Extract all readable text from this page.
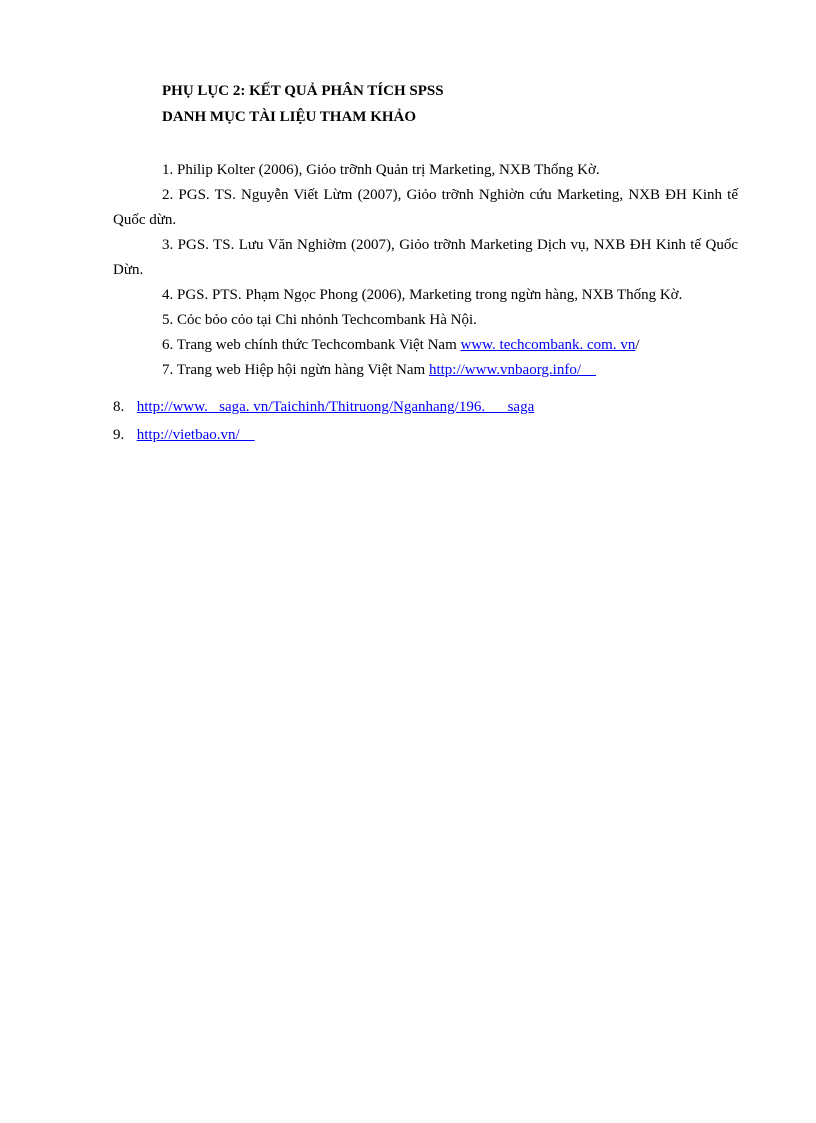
PHỤ LỤC 2: KẾT QUẢ PHÂN TÍCH SPSS
DANH MỤC TÀI LIỆU THAM KHẢO

1. Philip Kolter (2006), Giỏo trỡnh Quản trị Marketing, NXB Thống Kờ.

2. PGS. TS. Nguyễn Viết Lừm (2007), Giỏo trỡnh Nghiờn cứu Marketing, NXB ĐH Kinh tế Quốc dừn.

3. PGS. TS. Lưu Văn Nghiờm (2007), Giỏo trỡnh Marketing Dịch vụ, NXB ĐH Kinh tế Quốc Dừn.

4. PGS. PTS. Phạm Ngọc Phong (2006), Marketing trong ngừn hàng, NXB Thống Kờ.

5. Cỏc bỏo cỏo tại Chi nhỏnh Techcombank Hà Nội.

6. Trang web chính thức Techcombank Việt Nam www. techcombank. com. vn/

7. Trang web Hiệp hội ngừn hàng Việt Nam http://www.vnbaorg.info/

8. http://www.   saga. vn/Taichinh/Thitruong/Nganhang/196.      saga
9. http://vietbao.vn/
